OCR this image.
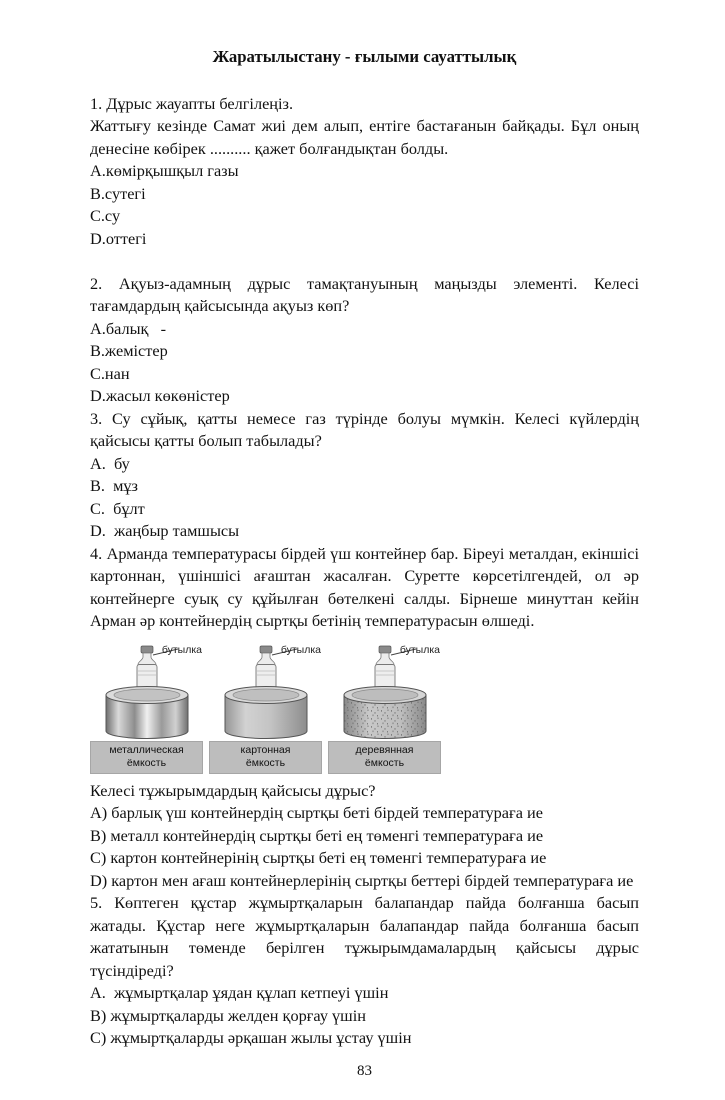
Жаратылыстану - ғылыми сауаттылық
1. Дұрыс жауапты белгілеңіз.
Жаттығу кезінде Самат жиі дем алып, ентіге бастағанын байқады. Бұл оның денесіне көбірек .......... қажет болғандықтан болды.
A.көмірқышқыл газы
B.сутегі
C.су
D.оттегі
2. Ақуыз-адамның дұрыс тамақтануының маңызды элементі. Келесі тағамдардың қайсысында ақуыз көп?
A.балық   -
B.жемістер
C.нан
D.жасыл көкөністер
3. Су сұйық, қатты немесе газ түрінде болуы мүмкін. Келесі күйлердің қайсысы қатты болып табылады?
A.  бу
B.  мұз
C.  бұлт
D.  жаңбыр тамшысы
4. Арманда температурасы бірдей үш контейнер бар. Біреуі металдан, екіншісі картоннан, үшіншісі ағаштан жасалған. Суретте көрсетілгендей, ол әр контейнерге суық су құйылған бөтелкені салды. Бірнеше минуттан кейін Арман әр контейнердің сыртқы бетінің температурасын өлшеді.
бутылка
металлическая
ёмкость
бутылка
картонная
ёмкость
бутылка
деревянная
ёмкость
Келесі тұжырымдардың қайсысы дұрыс?
A) барлық үш контейнердің сыртқы беті бірдей температураға ие
B) металл контейнердің сыртқы беті ең төменгі температураға ие
C) картон контейнерінің сыртқы беті ең төменгі температураға ие
D) картон мен ағаш контейнерлерінің сыртқы беттері бірдей температураға ие
5. Көптеген құстар жұмыртқаларын балапандар пайда болғанша басып жатады. Құстар неге жұмыртқаларын балапандар пайда болғанша басып жататынын төменде берілген тұжырымдамалардың қайсысы дұрыс түсіндіреді?
A.  жұмыртқалар ұядан құлап кетпеуі үшін
B) жұмыртқаларды желден қорғау үшін
C) жұмыртқаларды әрқашан жылы ұстау үшін
83
